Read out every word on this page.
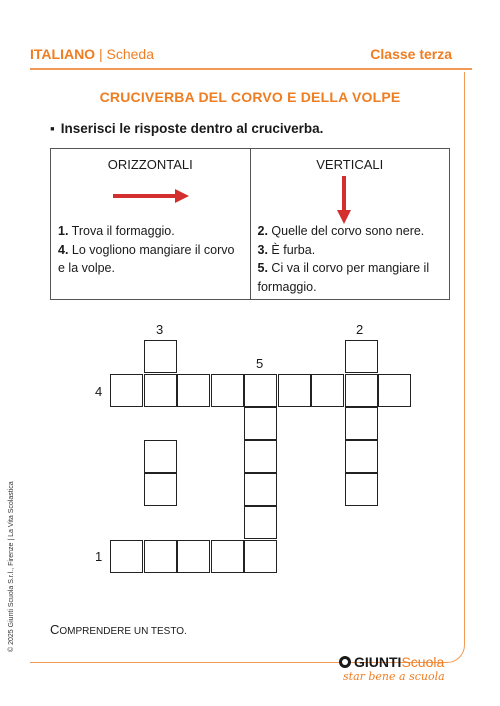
ITALIANO | Scheda	Classe terza
CRUCIVERBA DEL CORVO E DELLA VOLPE
▪ Inserisci le risposte dentro al cruciverba.
ORIZZONTALI
1. Trova il formaggio.
4. Lo vogliono mangiare il corvo e la volpe.
VERTICALI
2. Quelle del corvo sono nere.
3. È furba.
5. Ci va il corvo per mangiare il formaggio.
3	2
5
4
1
COMPRENDERE UN TESTO.
© 2025 Giunti Scuola S.r.l., Firenze | La Vita Scolastica
GIUNTIScuola
star bene a scuola
